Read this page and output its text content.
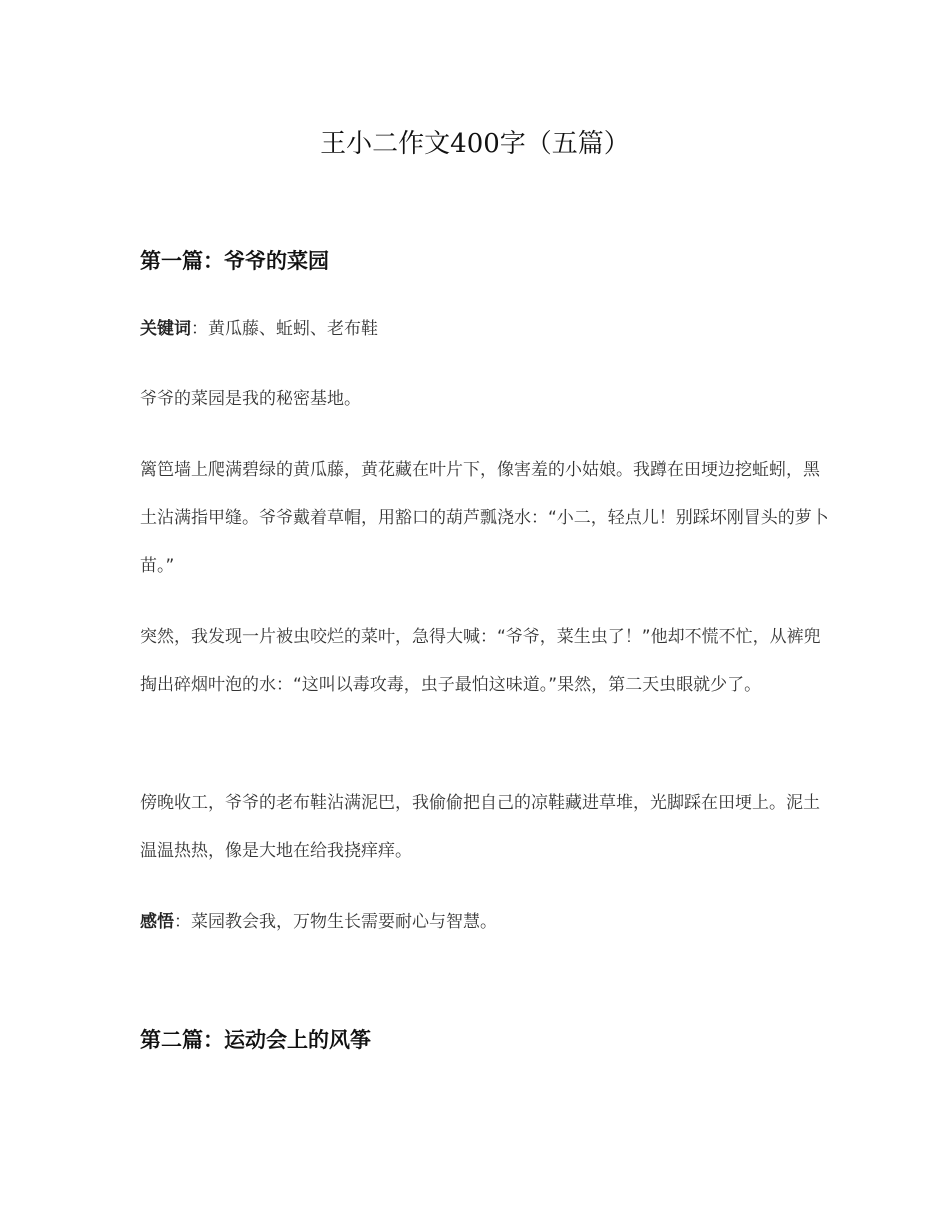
王小二作文400字（五篇）
第一篇：爷爷的菜园

关键词：黄瓜藤、蚯蚓、老布鞋

爷爷的菜园是我的秘密基地。

篱笆墙上爬满碧绿的黄瓜藤，黄花藏在叶片下，像害羞的小姑娘。我蹲在田埂边挖蚯蚓，黑土沾满指甲缝。爷爷戴着草帽，用豁口的葫芦瓢浇水：“小二，轻点儿！别踩坏刚冒头的萝卜苗。”

突然，我发现一片被虫咬烂的菜叶，急得大喊：“爷爷，菜生虫了！”他却不慌不忙，从裤兜掏出碎烟叶泡的水：“这叫以毒攻毒，虫子最怕这味道。”果然，第二天虫眼就少了。

傍晚收工，爷爷的老布鞋沾满泥巴，我偷偷把自己的凉鞋藏进草堆，光脚踩在田埂上。泥土温温热热，像是大地在给我挠痒痒。

感悟：菜园教会我，万物生长需要耐心与智慧。

第二篇：运动会上的风筝
